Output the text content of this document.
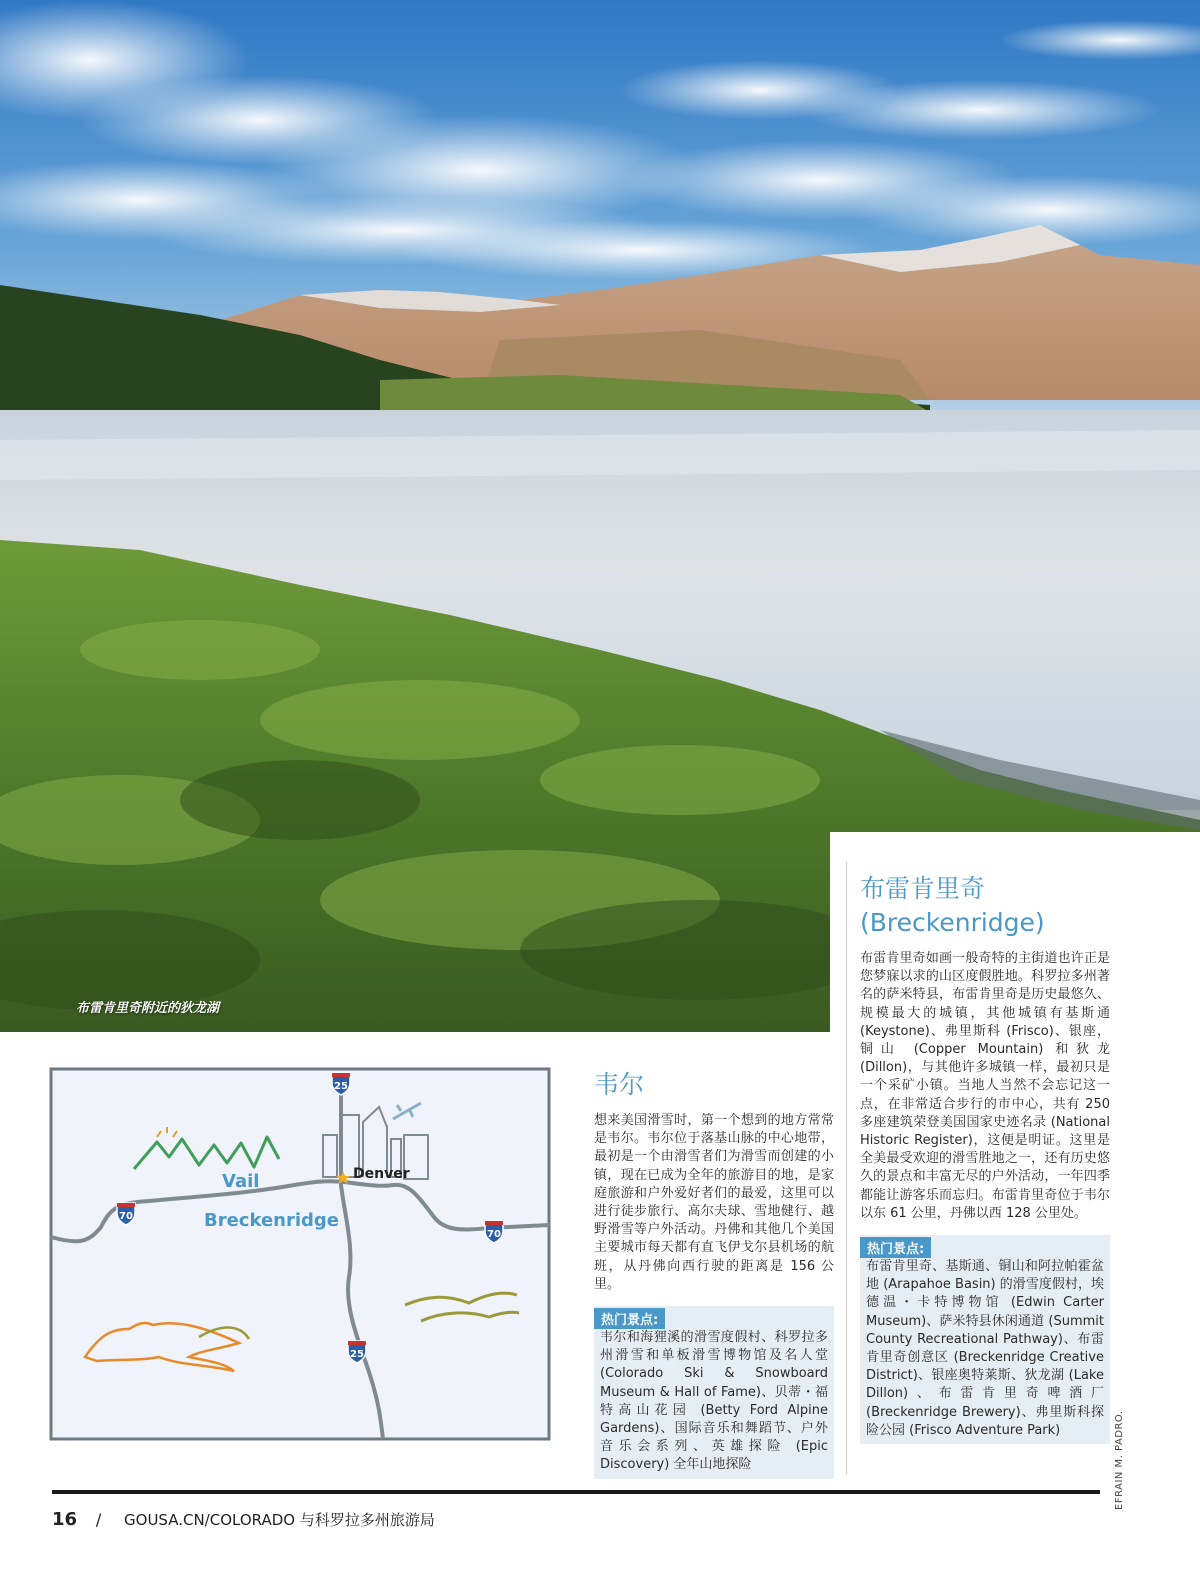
布雷肯里奇附近的狄龙湖
布雷肯里奇
(Breckenridge)
布雷肯里奇如画一般奇特的主街道也许正是您梦寐以求的山区度假胜地。科罗拉多州著名的萨米特县，布雷肯里奇是历史最悠久、规模最大的城镇，其他城镇有基斯通 (Keystone)、弗里斯科 (Frisco)、银座，铜山 (Copper Mountain) 和狄龙 (Dillon)，与其他许多城镇一样，最初只是一个采矿小镇。当地人当然不会忘记这一点，在非常适合步行的市中心，共有 250 多座建筑荣登美国国家史迹名录 (National Historic Register)，这便是明证。这里是全美最受欢迎的滑雪胜地之一，还有历史悠久的景点和丰富无尽的户外活动，一年四季都能让游客乐而忘归。布雷肯里奇位于韦尔以东 61 公里，丹佛以西 128 公里处。
热门景点:
布雷肯里奇、基斯通、铜山和阿拉帕霍盆地 (Arapahoe Basin) 的滑雪度假村，埃德温・卡特博物馆 (Edwin Carter Museum)、萨米特县休闲通道 (Summit County Recreational Pathway)、布雷肯里奇创意区 (Breckenridge Creative District)、银座奥特莱斯、狄龙湖 (Lake Dillon)、布雷肯里奇啤酒厂 (Breckenridge Brewery)、弗里斯科探险公园 (Frisco Adventure Park)
韦尔
想来美国滑雪时，第一个想到的地方常常是韦尔。韦尔位于落基山脉的中心地带，最初是一个由滑雪者们为滑雪而创建的小镇，现在已成为全年的旅游目的地，是家庭旅游和户外爱好者们的最爱，这里可以进行徒步旅行、高尔夫球、雪地健行、越野滑雪等户外活动。丹佛和其他几个美国主要城市每天都有直飞伊戈尔县机场的航班，从丹佛向西行驶的距离是 156 公里。
热门景点:
韦尔和海狸溪的滑雪度假村、科罗拉多州滑雪和单板滑雪博物馆及名人堂 (Colorado Ski & Snowboard Museum & Hall of Fame)、贝蒂・福特高山花园 (Betty Ford Alpine Gardens)、国际音乐和舞蹈节、户外音乐会系列、英雄探险 (Epic Discovery) 全年山地探险
Denver
Vail
Breckenridge
25
70
70
25
16 / GOUSA.CN/COLORADO 与科罗拉多州旅游局
EFRAIN M. PADRO.
